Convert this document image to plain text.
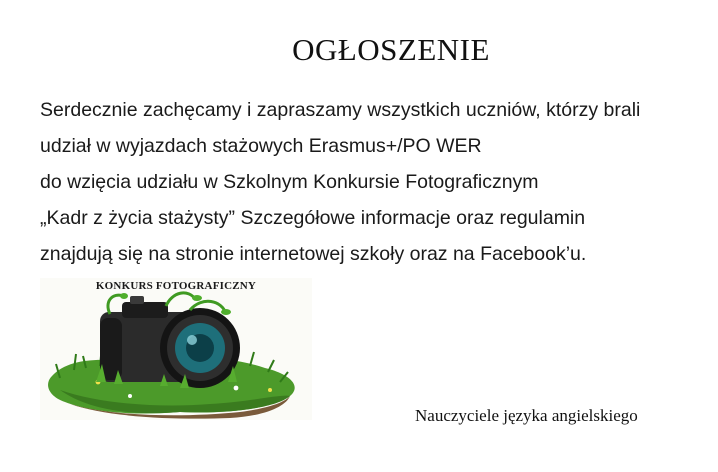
OGŁOSZENIE
Serdecznie zachęcamy i zapraszamy wszystkich uczniów, którzy brali
udział w wyjazdach stażowych Erasmus+/PO WER
do wzięcia udziału w Szkolnym Konkursie Fotograficznym
„Kadr z życia stażysty” Szczegółowe informacje oraz regulamin
znajdują się na stronie internetowej szkoły oraz na Facebook’u.
KONKURS FOTOGRAFICZNY
Nauczyciele języka angielskiego
